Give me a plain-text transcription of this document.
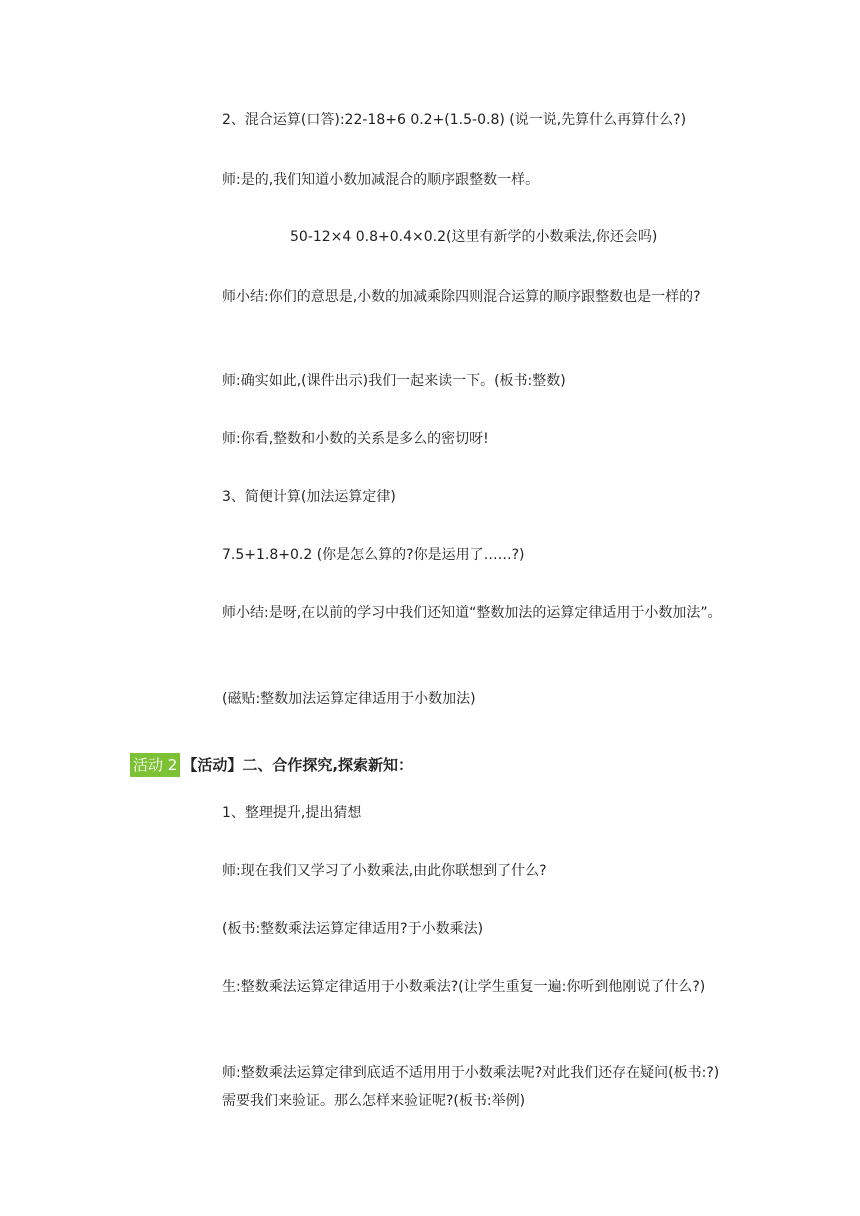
2、混合运算(口答):22-18+6 0.2+(1.5-0.8) (说一说,先算什么再算什么?)

师:是的,我们知道小数加减混合的顺序跟整数一样。

50-12×4 0.8+0.4×0.2(这里有新学的小数乘法,你还会吗)

师小结:你们的意思是,小数的加减乘除四则混合运算的顺序跟整数也是一样的?

师:确实如此,(课件出示)我们一起来读一下。(板书:整数)

师:你看,整数和小数的关系是多么的密切呀!

3、简便计算(加法运算定律)

7.5+1.8+0.2 (你是怎么算的?你是运用了……?)

师小结:是呀,在以前的学习中我们还知道“整数加法的运算定律适用于小数加法”。

(磁贴:整数加法运算定律适用于小数加法)

活动 2 【活动】二、合作探究,探索新知：

1、整理提升,提出猜想

师:现在我们又学习了小数乘法,由此你联想到了什么?

(板书:整数乘法运算定律适用?于小数乘法)

生:整数乘法运算定律适用于小数乘法?(让学生重复一遍:你听到他刚说了什么?)

师:整数乘法运算定律到底适不适用用于小数乘法呢?对此我们还存在疑问(板书:?)需要我们来验证。那么怎样来验证呢?(板书:举例)
